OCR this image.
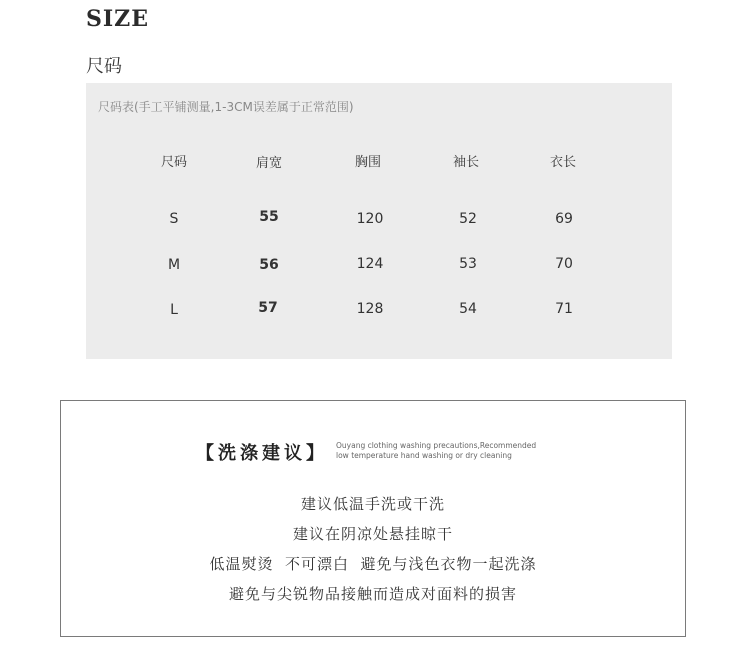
SIZE
尺码
尺码表(手工平铺测量,1-3CM误差属于正常范围)
尺码	肩宽	胸围	袖长	衣长
S	55	120	52	69
M	56	124	53	70
L	57	128	54	71
【洗涤建议】 Ouyang clothing washing precautions,Recommended
low temperature hand washing or dry cleaning
建议低温手洗或干洗
建议在阴凉处悬挂晾干
低温熨烫  不可漂白  避免与浅色衣物一起洗涤
避免与尖锐物品接触而造成对面料的损害
